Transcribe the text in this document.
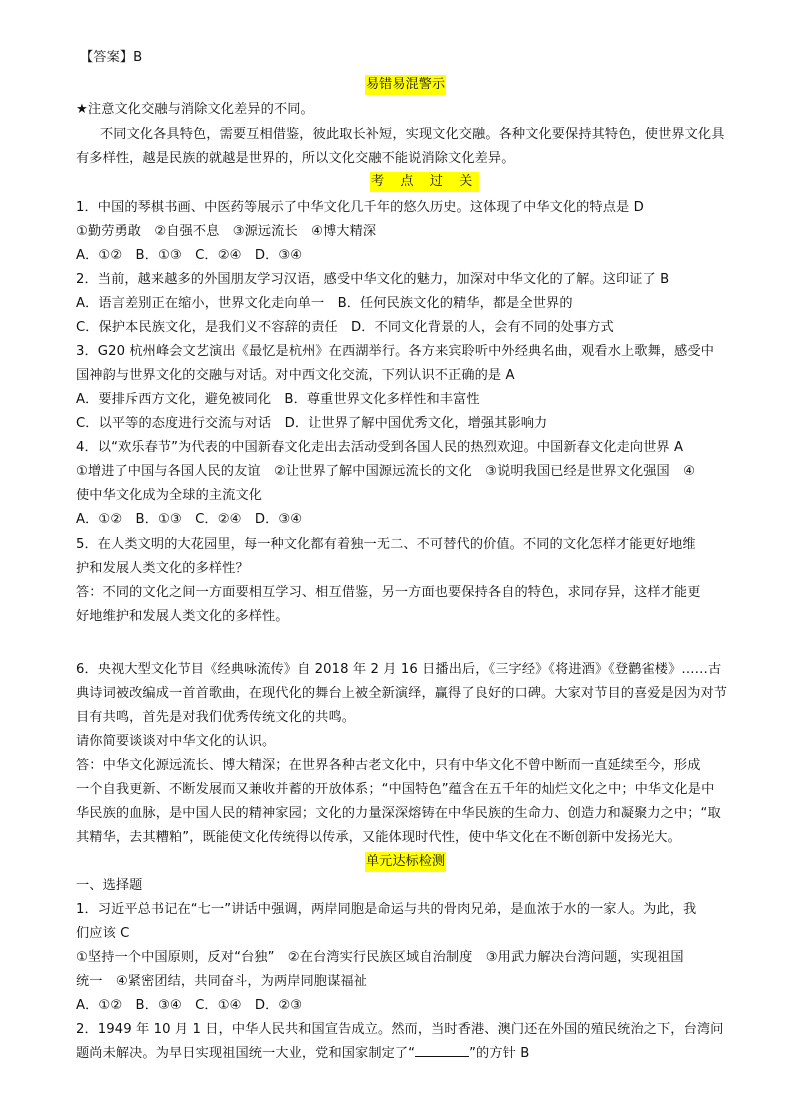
【答案】B
易错易混警示
★注意文化交融与消除文化差异的不同。
不同文化各具特色，需要互相借鉴，彼此取长补短，实现文化交融。各种文化要保持其特色，使世界文化具
有多样性，越是民族的就越是世界的，所以文化交融不能说消除文化差异。
考 点 过 关
1．中国的琴棋书画、中医药等展示了中华文化几千年的悠久历史。这体现了中华文化的特点是 D
①勤劳勇敢　②自强不息　③源远流长　④博大精深
A．①②　B．①③　C．②④　D．③④
2．当前，越来越多的外国朋友学习汉语，感受中华文化的魅力，加深对中华文化的了解。这印证了 B
A．语言差别正在缩小，世界文化走向单一　B．任何民族文化的精华，都是全世界的
C．保护本民族文化，是我们义不容辞的责任　D．不同文化背景的人，会有不同的处事方式
3．G20 杭州峰会文艺演出《最忆是杭州》在西湖举行。各方来宾聆听中外经典名曲，观看水上歌舞，感受中
国神韵与世界文化的交融与对话。对中西文化交流，下列认识不正确的是 A
A．要排斥西方文化，避免被同化　B．尊重世界文化多样性和丰富性
C．以平等的态度进行交流与对话　D．让世界了解中国优秀文化，增强其影响力
4．以“欢乐春节”为代表的中国新春文化走出去活动受到各国人民的热烈欢迎。中国新春文化走向世界 A
①增进了中国与各国人民的友谊　②让世界了解中国源远流长的文化　③说明我国已经是世界文化强国　④
使中华文化成为全球的主流文化
A．①②　B．①③　C．②④　D．③④
5．在人类文明的大花园里，每一种文化都有着独一无二、不可替代的价值。不同的文化怎样才能更好地维
护和发展人类文化的多样性？
答：不同的文化之间一方面要相互学习、相互借鉴，另一方面也要保持各自的特色，求同存异，这样才能更
好地维护和发展人类文化的多样性。
6．央视大型文化节目《经典咏流传》自 2018 年 2 月 16 日播出后，《三字经》《将进酒》《登鹳雀楼》……古
典诗词被改编成一首首歌曲，在现代化的舞台上被全新演绎，赢得了良好的口碑。大家对节目的喜爱是因为对节
目有共鸣，首先是对我们优秀传统文化的共鸣。
请你简要谈谈对中华文化的认识。
答：中华文化源远流长、博大精深；在世界各种古老文化中，只有中华文化不曾中断而一直延续至今，形成
一个自我更新、不断发展而又兼收并蓄的开放体系；“中国特色”蕴含在五千年的灿烂文化之中；中华文化是中
华民族的血脉，是中国人民的精神家园；文化的力量深深熔铸在中华民族的生命力、创造力和凝聚力之中；“取
其精华，去其糟粕”，既能使文化传统得以传承，又能体现时代性，使中华文化在不断创新中发扬光大。
单元达标检测
一、选择题
1．习近平总书记在“七一”讲话中强调，两岸同胞是命运与共的骨肉兄弟，是血浓于水的一家人。为此，我
们应该 C
①坚持一个中国原则，反对“台独”　②在台湾实行民族区域自治制度　③用武力解决台湾问题，实现祖国
统一　④紧密团结，共同奋斗，为两岸同胞谋福祉
A．①②　B．③④　C．①④　D．②③
2．1949 年 10 月 1 日，中华人民共和国宣告成立。然而，当时香港、澳门还在外国的殖民统治之下，台湾问
题尚未解决。为早日实现祖国统一大业，党和国家制定了“	”的方针 B
